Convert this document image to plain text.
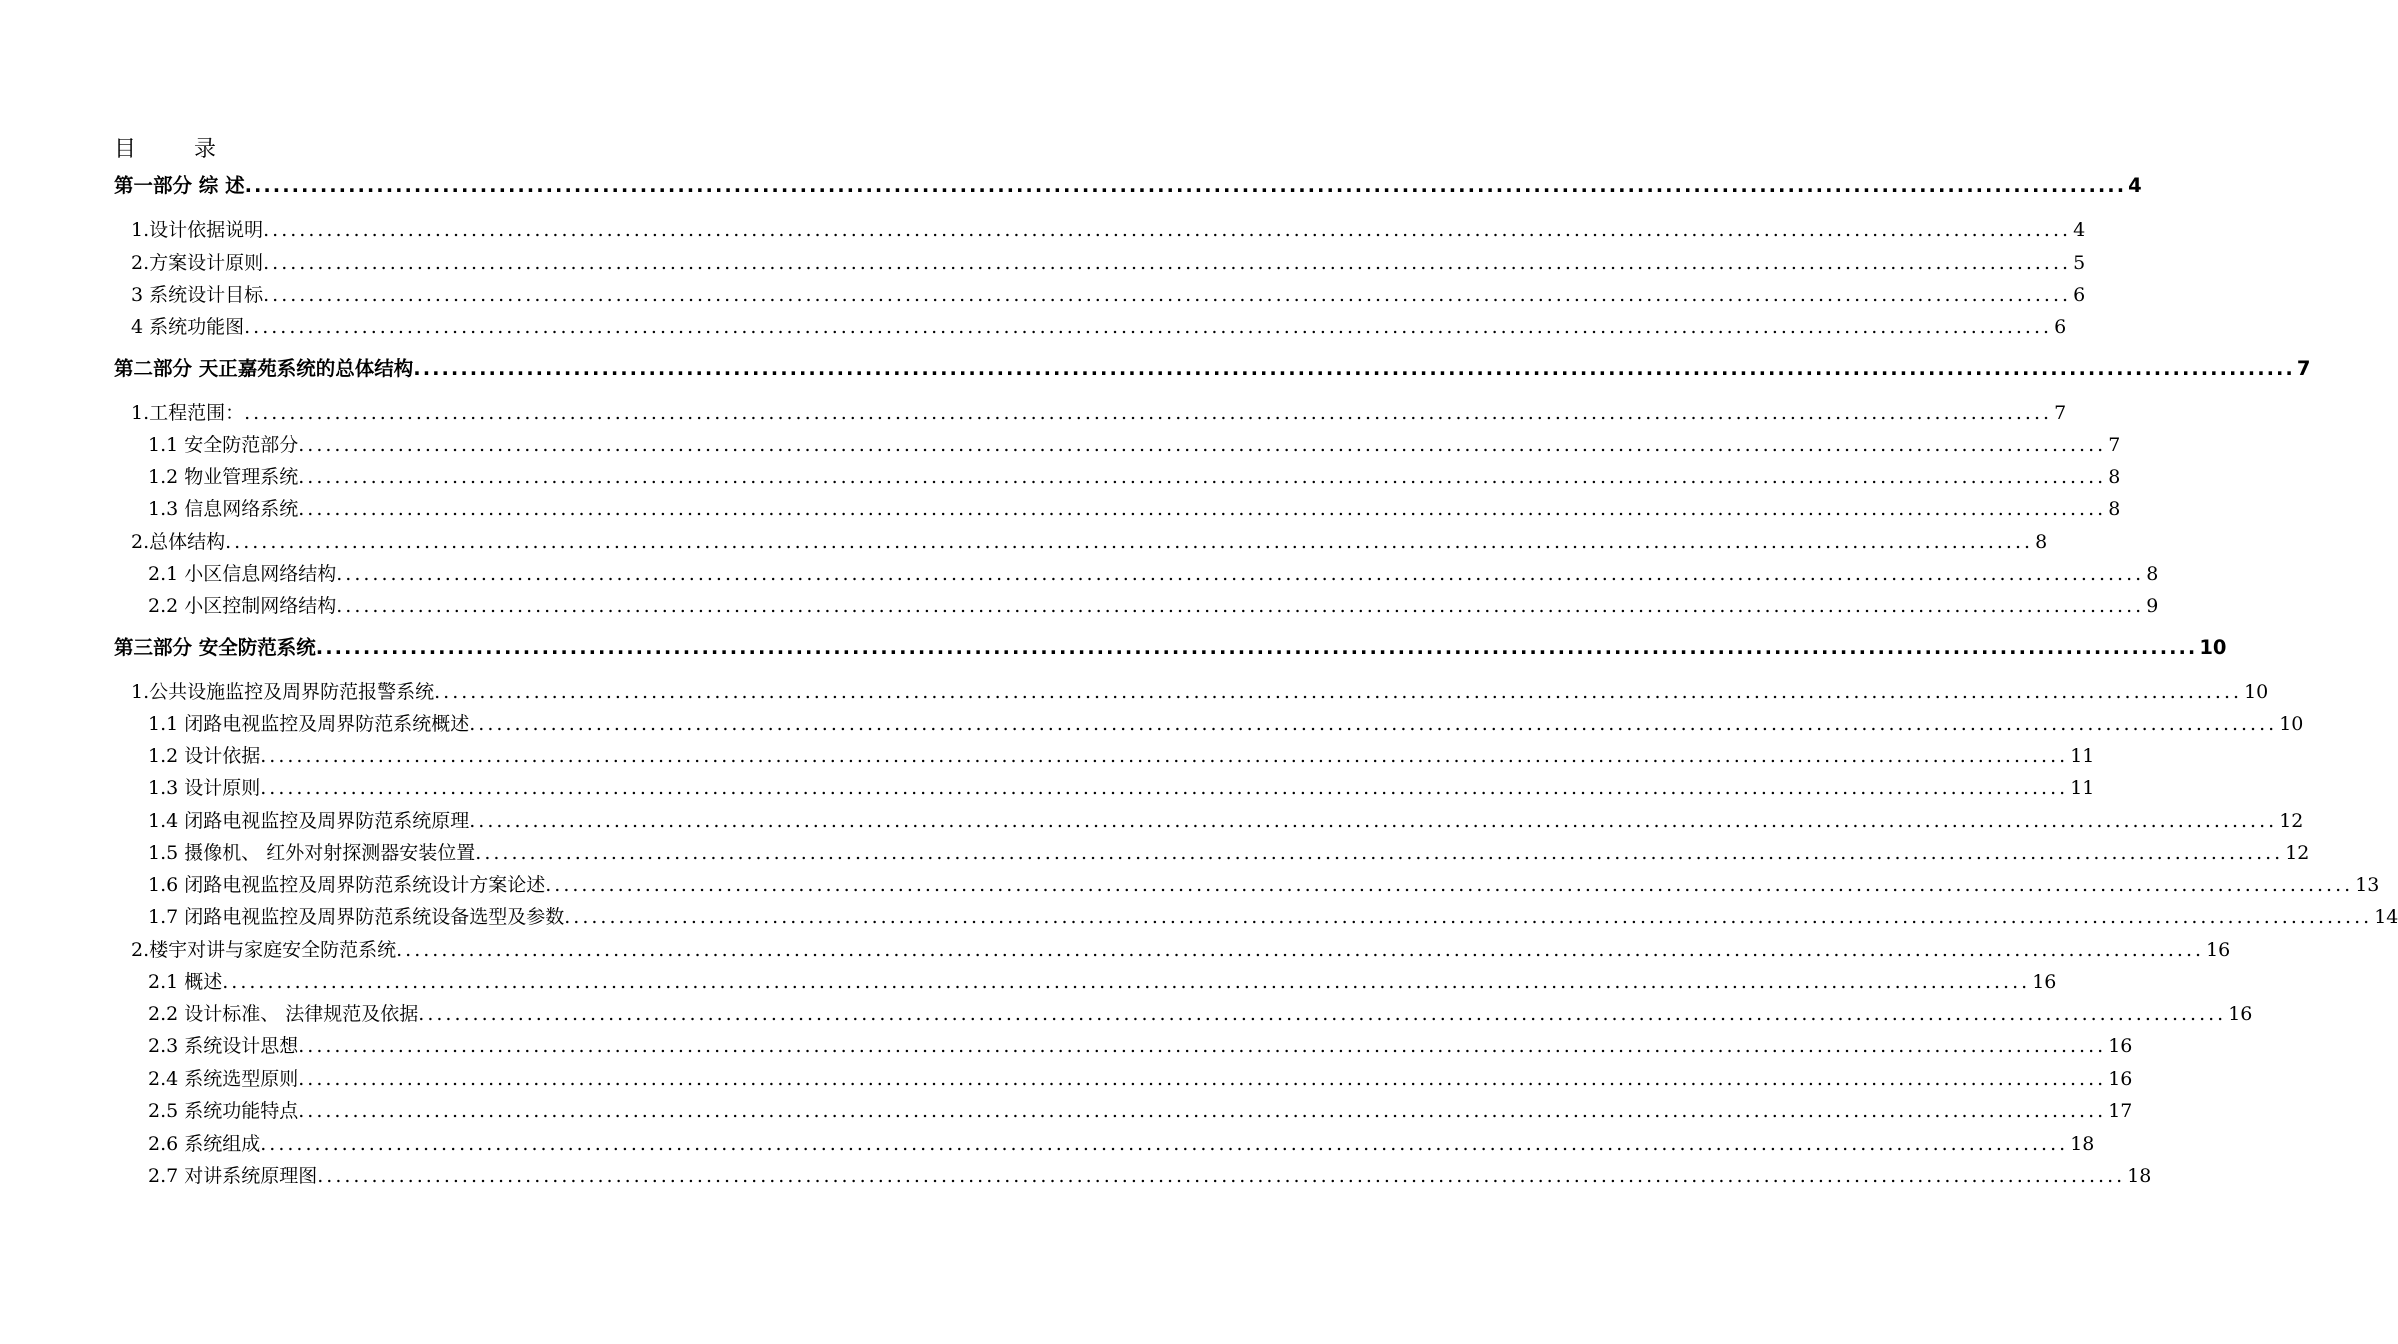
目	录
第一部分 综 述 ........................................................................................................................................................................................................ 4
1.设计依据说明 ........................................................................................................................................................................................................ 4
2.方案设计原则 ........................................................................................................................................................................................................ 5
3 系统设计目标 ........................................................................................................................................................................................................ 6
4 系统功能图 ........................................................................................................................................................................................................ 6
第二部分 天正嘉苑系统的总体结构 ........................................................................................................................................................................................................ 7
1.工程范围： ........................................................................................................................................................................................................ 7
1.1 安全防范部分 ........................................................................................................................................................................................................ 7
1.2 物业管理系统 ........................................................................................................................................................................................................ 8
1.3 信息网络系统 ........................................................................................................................................................................................................ 8
2.总体结构 ........................................................................................................................................................................................................ 8
2.1 小区信息网络结构 ........................................................................................................................................................................................................ 8
2.2 小区控制网络结构 ........................................................................................................................................................................................................ 9
第三部分 安全防范系统 ........................................................................................................................................................................................................ 10
1.公共设施监控及周界防范报警系统 ........................................................................................................................................................................................................ 10
1.1 闭路电视监控及周界防范系统概述 ........................................................................................................................................................................................................ 10
1.2 设计依据 ........................................................................................................................................................................................................ 11
1.3 设计原则 ........................................................................................................................................................................................................ 11
1.4 闭路电视监控及周界防范系统原理 ........................................................................................................................................................................................................ 12
1.5 摄像机、 红外对射探测器安装位置 ........................................................................................................................................................................................................ 12
1.6 闭路电视监控及周界防范系统设计方案论述 ........................................................................................................................................................................................................ 13
1.7 闭路电视监控及周界防范系统设备选型及参数 ........................................................................................................................................................................................................ 14
2.楼宇对讲与家庭安全防范系统 ........................................................................................................................................................................................................ 16
2.1 概述 ........................................................................................................................................................................................................ 16
2.2 设计标准、 法律规范及依据 ........................................................................................................................................................................................................ 16
2.3 系统设计思想 ........................................................................................................................................................................................................ 16
2.4 系统选型原则 ........................................................................................................................................................................................................ 16
2.5 系统功能特点 ........................................................................................................................................................................................................ 17
2.6 系统组成 ........................................................................................................................................................................................................ 18
2.7 对讲系统原理图 ........................................................................................................................................................................................................ 18
